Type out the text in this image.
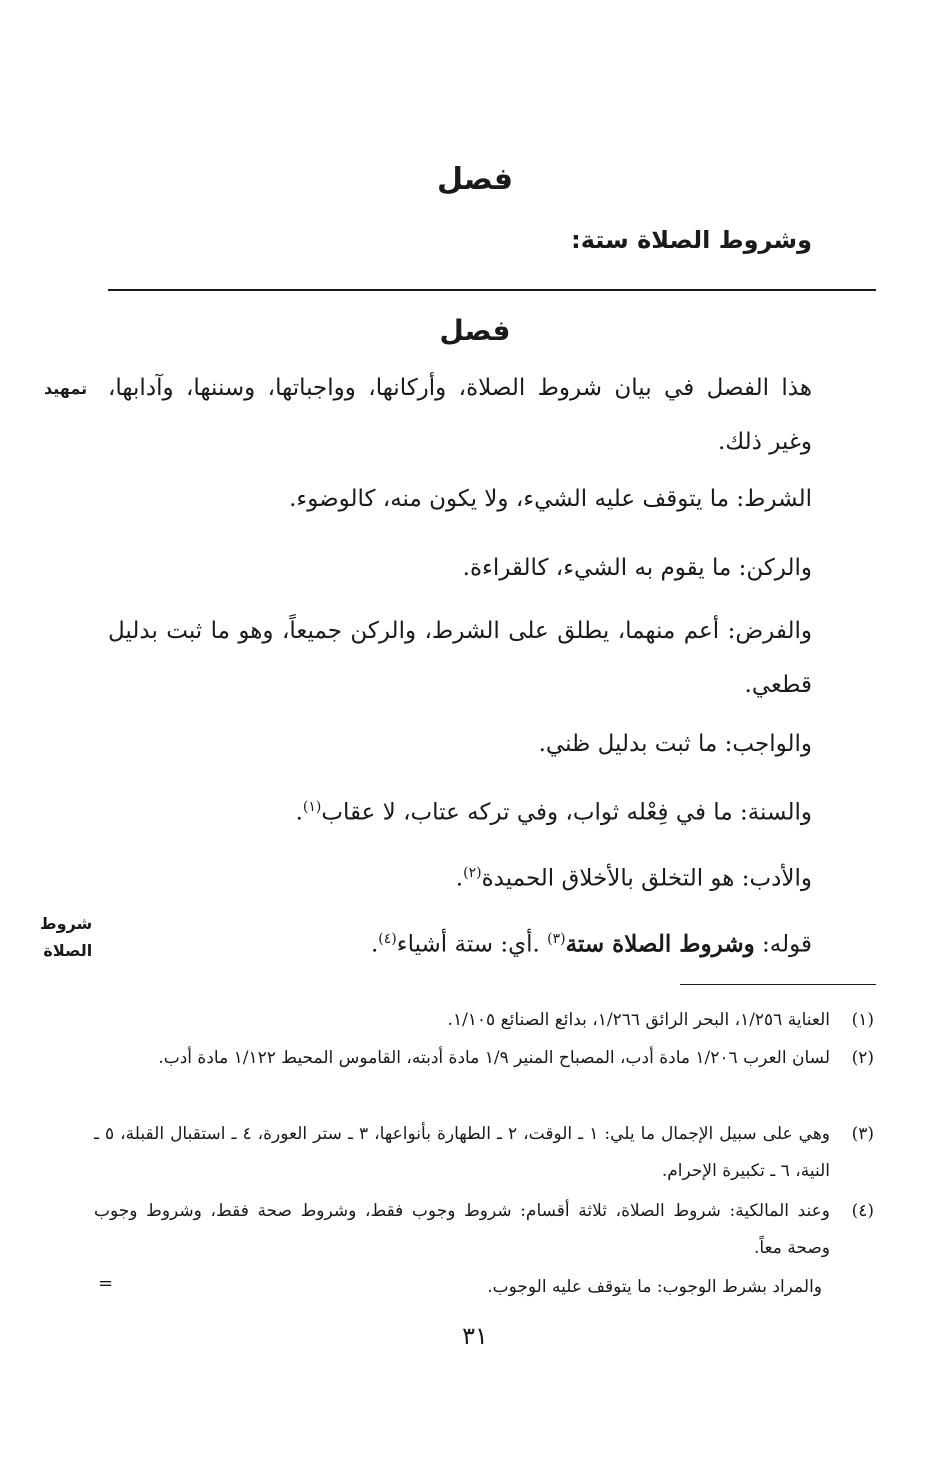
فصل
وشروط الصلاة ستة:
فصل
هذا الفصل في بيان شروط الصلاة، وأركانها، وواجباتها، وسننها، وآدابها، وغير ذلك.
تمهيد
الشرط: ما يتوقف عليه الشيء، ولا يكون منه، كالوضوء.
والركن: ما يقوم به الشيء، كالقراءة.
والفرض: أعم منهما، يطلق على الشرط، والركن جميعاً، وهو ما ثبت بدليل قطعي.
والواجب: ما ثبت بدليل ظني.
والسنة: ما في فِعْله ثواب، وفي تركه عتاب، لا عقاب$^{(١)}$.
والأدب: هو التخلق بالأخلاق الحميدة$^{(٢)}$.
قوله: وشروط الصلاة ستة$^{(٣)}$ .أي: ستة أشياء$^{(٤)}$.
شروط
الصلاة
(١)
العناية ١/٢٥٦، البحر الرائق ١/٢٦٦، بدائع الصنائع ١/١٠٥.
(٢)
لسان العرب ١/٢٠٦ مادة أدب، المصباح المنير ١/٩ مادة أدبته، القاموس المحيط ١/١٢٢ مادة أدب.
(٣)
وهي على سبيل الإجمال ما يلي: ١ ـ الوقت، ٢ ـ الطهارة بأنواعها، ٣ ـ ستر العورة، ٤ ـ استقبال القبلة، ٥ ـ النية، ٦ ـ تكبيرة الإحرام.
(٤)
وعند المالكية: شروط الصلاة، ثلاثة أقسام: شروط وجوب فقط، وشروط صحة فقط، وشروط وجوب وصحة معاً.
والمراد بشرط الوجوب: ما يتوقف عليه الوجوب.
=
٣١
